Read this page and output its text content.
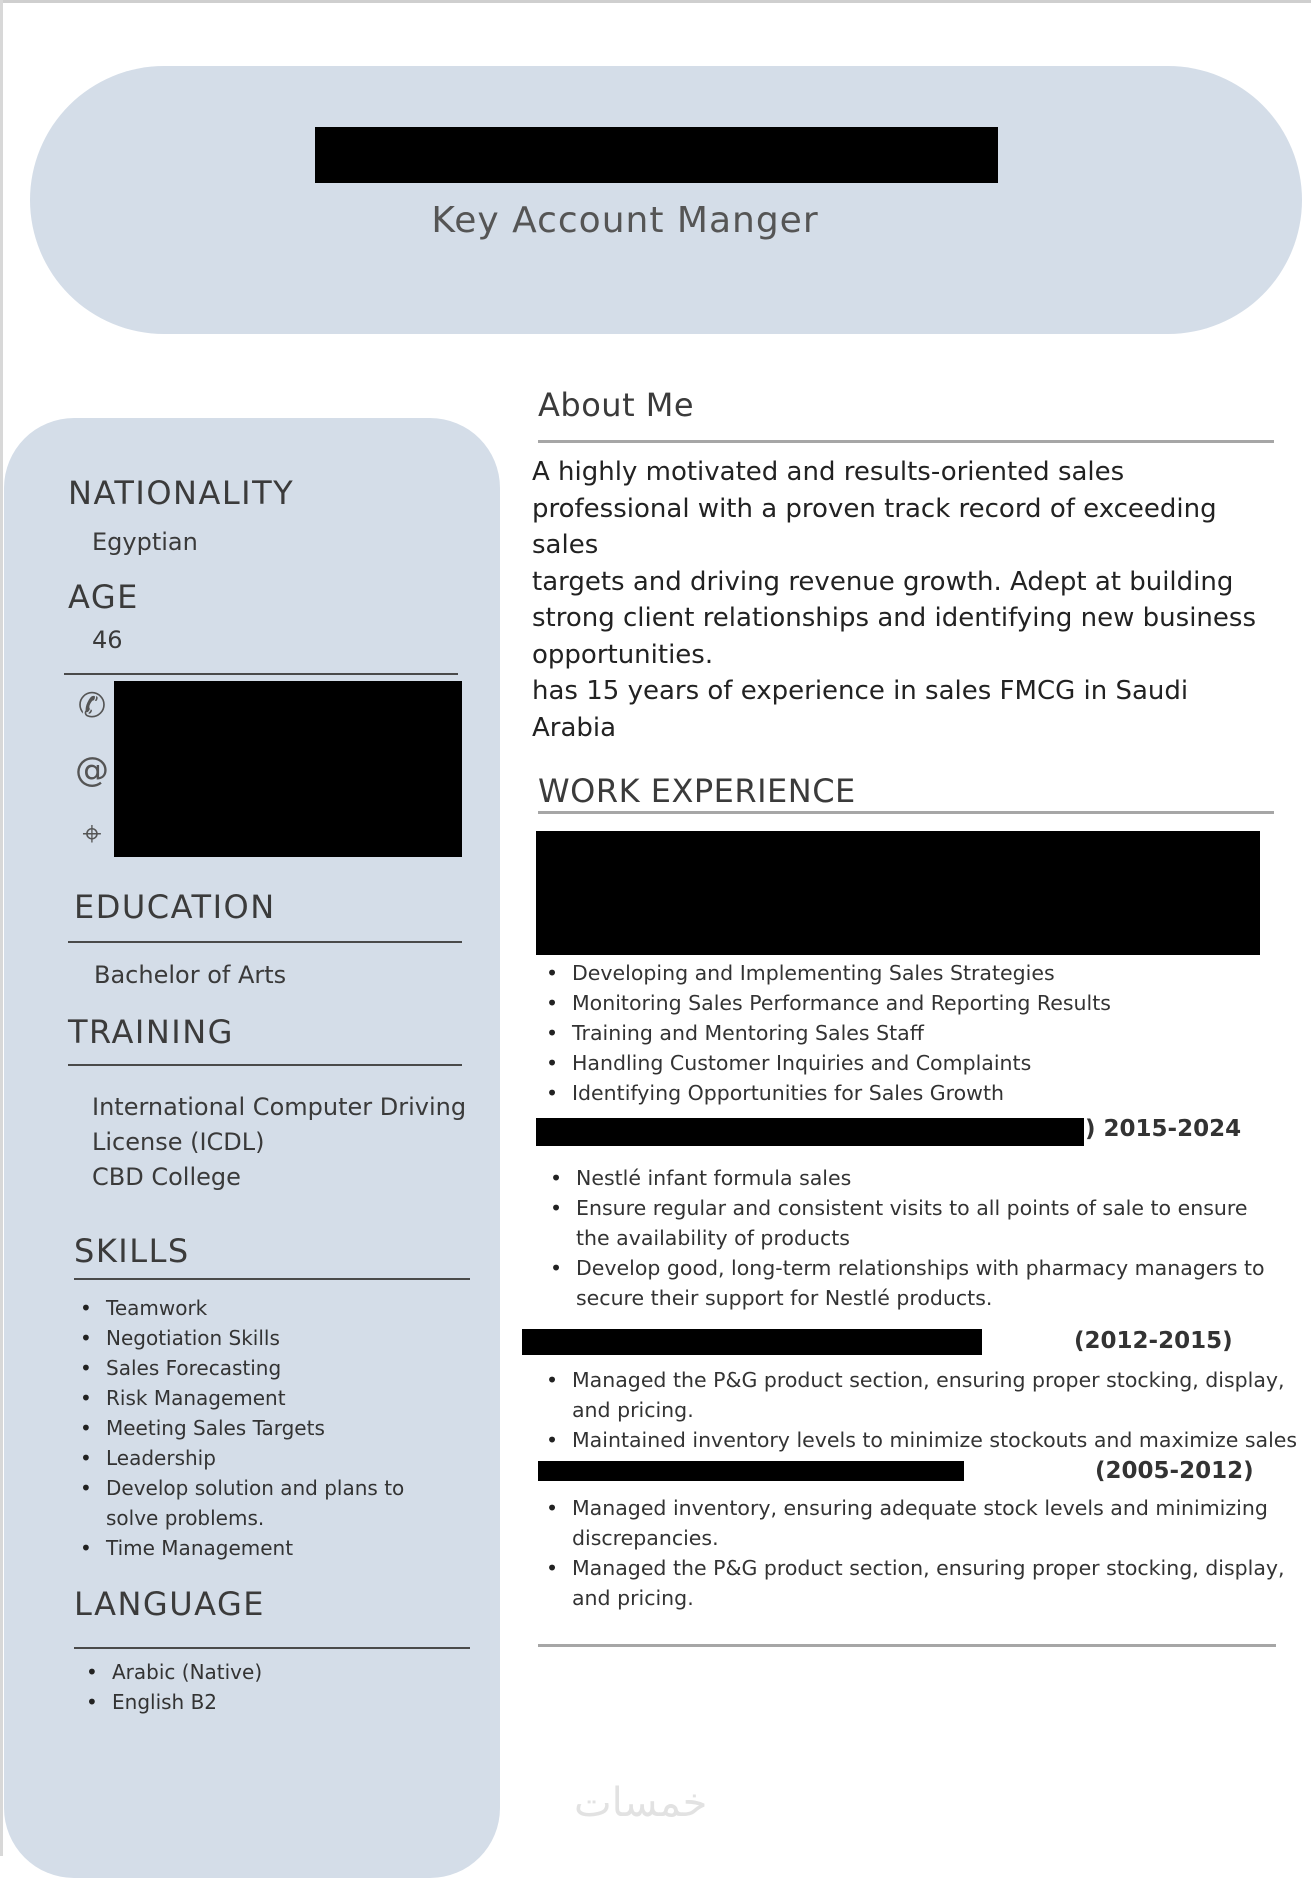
Key Account Manger
NATIONALITY
Egyptian
AGE
46
✆
@
⌖
EDUCATION
Bachelor of Arts
TRAINING
International Computer Driving
License (ICDL)
CBD College
SKILLS
• Teamwork
• Negotiation Skills
• Sales Forecasting
• Risk Management
• Meeting Sales Targets
• Leadership
• Develop solution and plans to
solve problems.
• Time Management
LANGUAGE
• Arabic (Native)
• English B2
About Me
A highly motivated and results-oriented sales
professional with a proven track record of exceeding
sales
targets and driving revenue growth. Adept at building
strong client relationships and identifying new business
opportunities.
has 15 years of experience in sales FMCG in Saudi
Arabia
WORK EXPERIENCE
• Developing and Implementing Sales Strategies
• Monitoring Sales Performance and Reporting Results
• Training and Mentoring Sales Staff
• Handling Customer Inquiries and Complaints
• Identifying Opportunities for Sales Growth
) 2015-2024
• Nestlé infant formula sales
• Ensure regular and consistent visits to all points of sale to ensure the availability of products
• Develop good, long-term relationships with pharmacy managers to secure their support for Nestlé products.
(2012-2015)
• Managed the P&G product section, ensuring proper stocking, display, and pricing.
• Maintained inventory levels to minimize stockouts and maximize sales
(2005-2012)
• Managed inventory, ensuring adequate stock levels and minimizing discrepancies.
• Managed the P&G product section, ensuring proper stocking, display, and pricing.
خمسات
